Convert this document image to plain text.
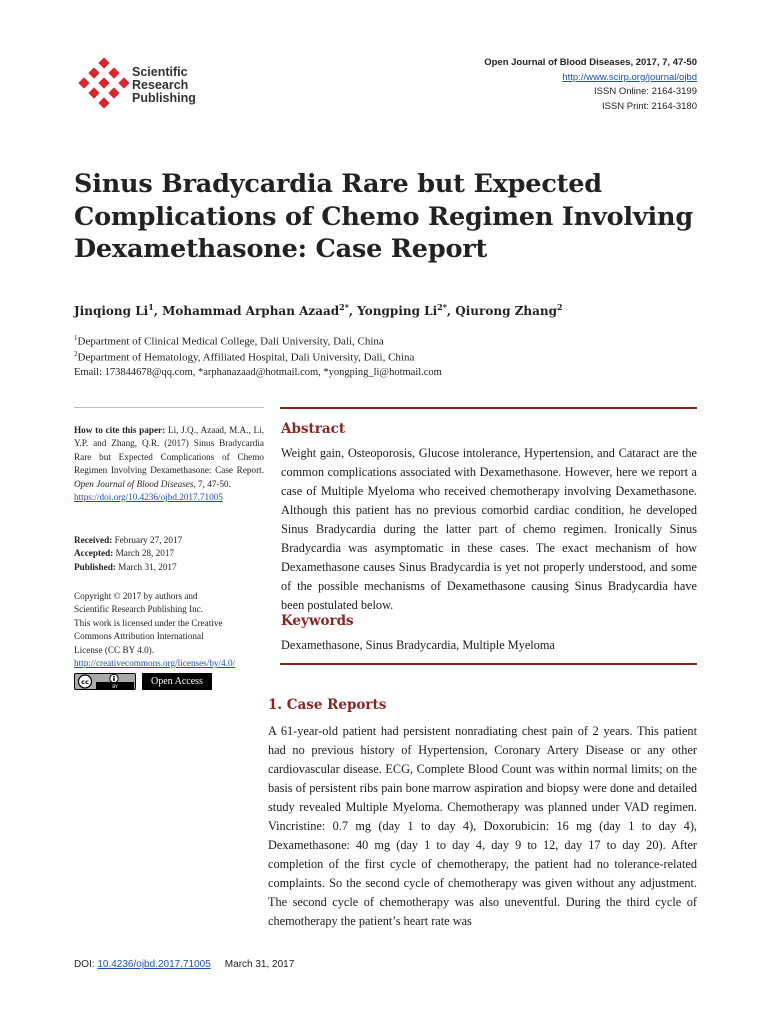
Scientific
Research
Publishing
Open Journal of Blood Diseases, 2017, 7, 47-50
http://www.scirp.org/journal/ojbd
ISSN Online: 2164-3199
ISSN Print: 2164-3180
Sinus Bradycardia Rare but Expected
Complications of Chemo Regimen Involving
Dexamethasone: Case Report
Jinqiong Li$^1$, Mohammad Arphan Azaad$^{2*}$, Yongping $Li^{2*}$, Qiurong Zhang$^2$
$^1$Department of Clinical Medical College, Dali University, Dali, China
$^2$Department of Hematology, Affiliated Hospital, Dali University, Dali, China
Email: 173844678@qq.com, *arphanazaad@hotmail.com, *yongping_li@hotmail.com
How to cite this paper: Li, J.Q., Azaad, M.A., Li, Y.P. and Zhang, Q.R. (2017) Sinus Bradycardia Rare but Expected Complications of Chemo Regimen Involving Dexamethasone: Case Report. Open Journal of Blood Diseases, 7, 47-50.
https://doi.org/10.4236/ojbd.2017.71005
Received: February 27, 2017
Accepted: March 28, 2017
Published: March 31, 2017
Copyright © 2017 by authors and
Scientific Research Publishing Inc.
This work is licensed under the Creative
Commons Attribution International
License (CC BY 4.0).
http://creativecommons.org/licenses/by/4.0/
cc
BY
Open Access
Abstract
Weight gain, Osteoporosis, Glucose intolerance, Hypertension, and Cataract are the common complications associated with Dexamethasone. However, here we report a case of Multiple Myeloma who received chemotherapy involving Dexamethasone. Although this patient has no previous comorbid cardiac condition, he developed Sinus Bradycardia during the latter part of chemo regimen. Ironically Sinus Bradycardia was asymptomatic in these cases. The exact mechanism of how Dexamethasone causes Sinus Bradycardia is yet not properly understood, and some of the possible mechanisms of Dexamethasone causing Sinus Bradycardia have been postulated below.
Keywords
Dexamethasone, Sinus Bradycardia, Multiple Myeloma
1. Case Reports
A 61-year-old patient had persistent nonradiating chest pain of 2 years. This patient had no previous history of Hypertension, Coronary Artery Disease or any other cardiovascular disease. ECG, Complete Blood Count was within normal limits; on the basis of persistent ribs pain bone marrow aspiration and biopsy were done and detailed study revealed Multiple Myeloma. Chemotherapy was planned under VAD regimen. Vincristine: 0.7 mg (day 1 to day 4), Doxorubicin: 16 mg (day 1 to day 4), Dexamethasone: 40 mg (day 1 to day 4, day 9 to 12, day 17 to day 20). After completion of the first cycle of chemotherapy, the patient had no tolerance-related complaints. So the second cycle of chemotherapy was given without any adjustment. The second cycle of chemotherapy was also uneventful. During the third cycle of chemotherapy the patient’s heart rate was
DOI: 10.4236/ojbd.2017.71005 March 31, 2017
